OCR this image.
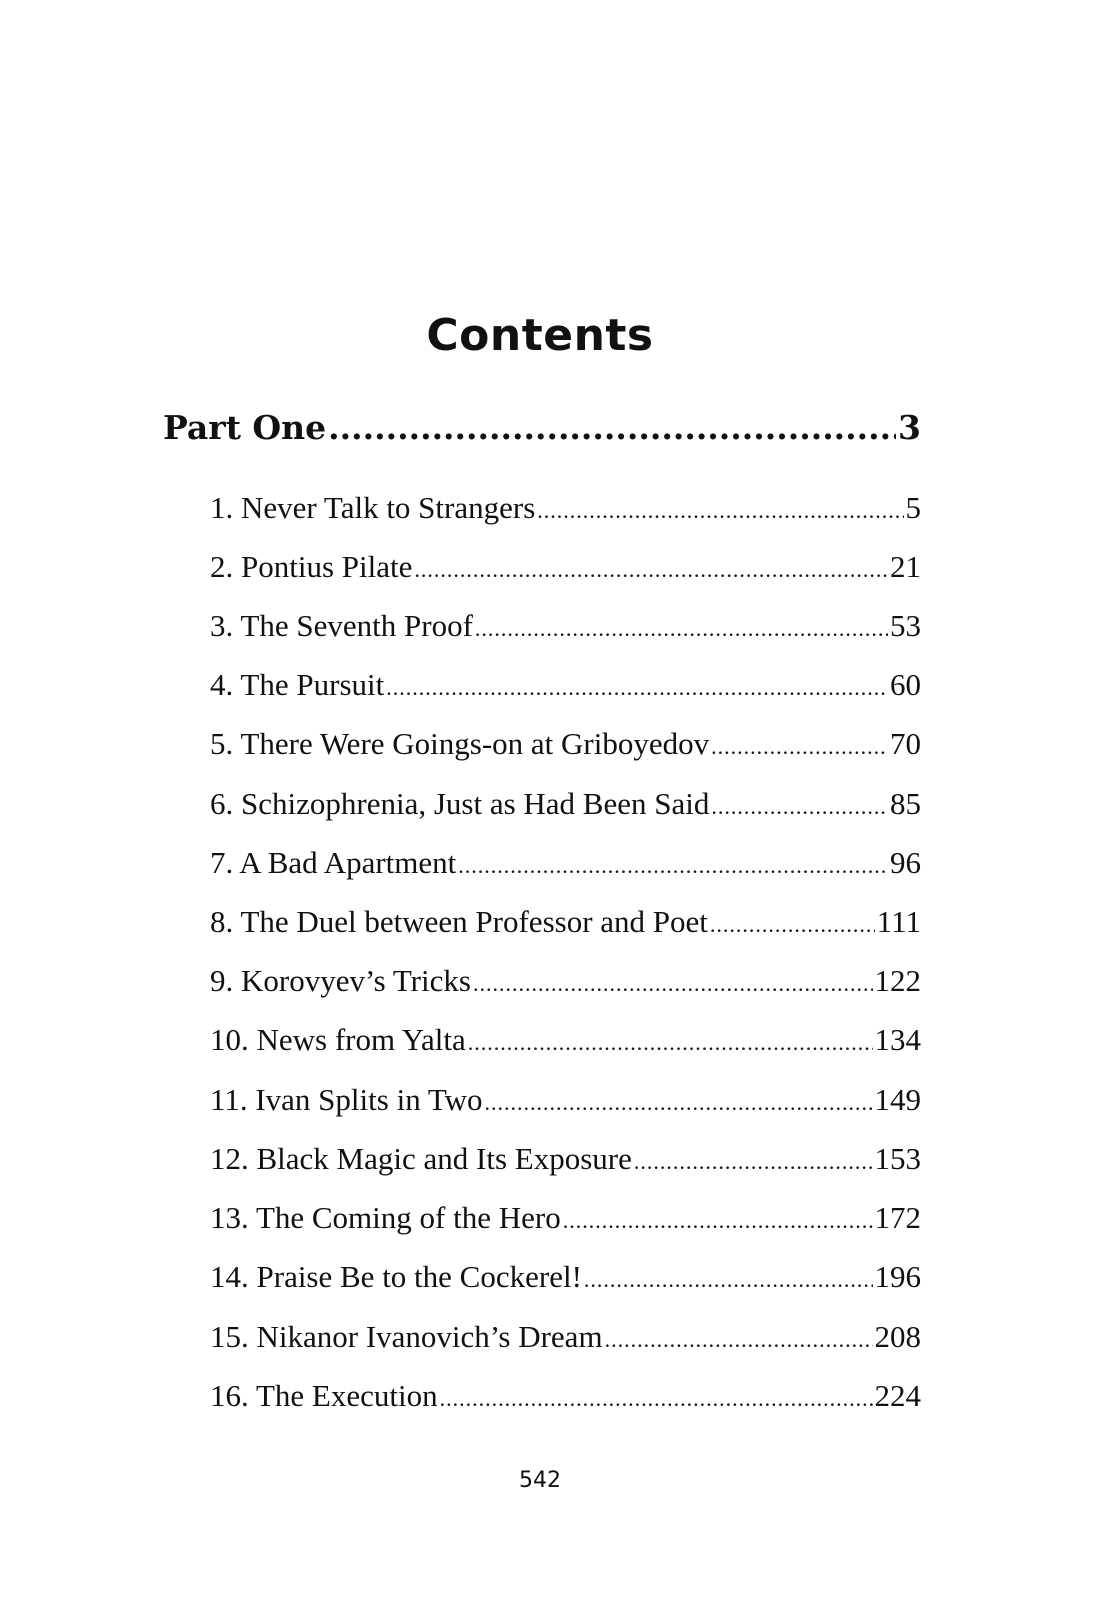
Contents
Part One .....	3
1. Never Talk to Strangers .....	5
2. Pontius Pilate .....	21
3. The Seventh Proof .....	53
4. The Pursuit .....	60
5. There Were Goings-on at Griboyedov .....	70
6. Schizophrenia, Just as Had Been Said .....	85
7. A Bad Apartment .....	96
8. The Duel between Professor and Poet .....	111
9. Korovyev’s Tricks .....	122
10. News from Yalta .....	134
11. Ivan Splits in Two .....	149
12. Black Magic and Its Exposure .....	153
13. The Coming of the Hero .....	172
14. Praise Be to the Cockerel! .....	196
15. Nikanor Ivanovich’s Dream .....	208
16. The Execution .....	224
542
